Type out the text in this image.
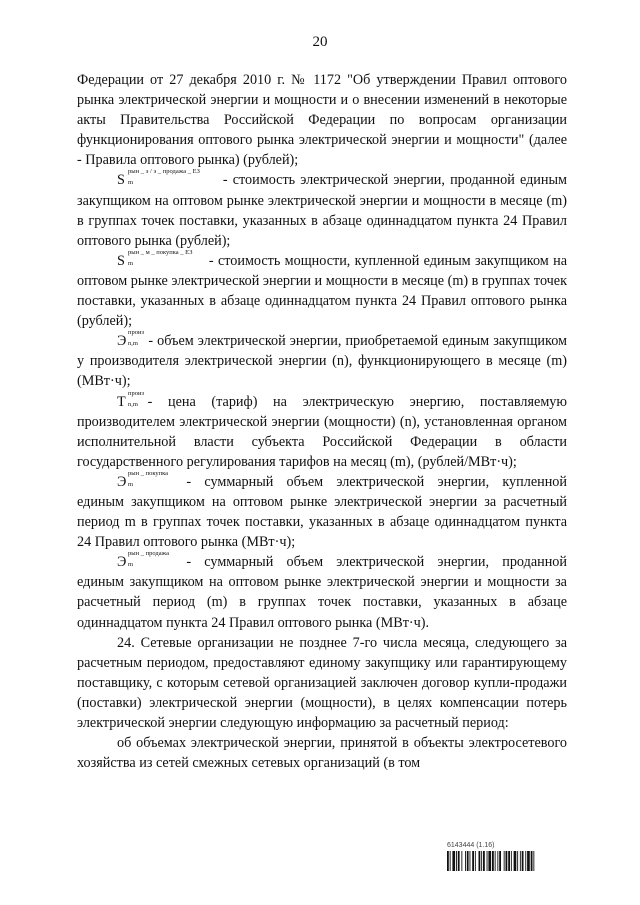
20

Федерации от 27 декабря 2010 г. № 1172 "Об утверждении Правил оптового рынка электрической энергии и мощности и о внесении изменений в некоторые акты Правительства Российской Федерации по вопросам организации функционирования оптового рынка электрической энергии и мощности" (далее - Правила оптового рынка) (рублей);

S
рын _ э / э _ продажа _ ЕЗ
m	- стоимость электрической энергии, проданной единым закупщиком на оптовом рынке электрической энергии и мощности в месяце (m) в группах точек поставки, указанных в абзаце одиннадцатом пункта 24 Правил оптового рынка (рублей);

S
рын _ м _ покупка _ ЕЗ
m	- стоимость мощности, купленной единым закупщиком на оптовом рынке электрической энергии и мощности в месяце (m) в группах точек поставки, указанных в абзаце одиннадцатом пункта 24 Правил оптового рынка (рублей);

Э
произ
n,m - объем электрической энергии, приобретаемой единым закупщиком у производителя электрической энергии (n), функционирующего в месяце (m) (МВт·ч);

T
произ
n,m - цена (тариф) на электрическую энергию, поставляемую производителем электрической энергии (мощности) (n), установленная органом исполнительной власти субъекта Российской Федерации в области государственного регулирования тарифов на месяц (m), (рублей/МВт·ч);

Э
рын _ покупка
m	- суммарный объем электрической энергии, купленной единым закупщиком на оптовом рынке электрической энергии за расчетный период m в группах точек поставки, указанных в абзаце одиннадцатом пункта 24 Правил оптового рынка (МВт·ч);

Э
рын _ продажа
m	- суммарный объем электрической энергии, проданной единым закупщиком на оптовом рынке электрической энергии и мощности за расчетный период (m) в группах точек поставки, указанных в абзаце одиннадцатом пункта 24 Правил оптового рынка (МВт·ч).

24. Сетевые организации не позднее 7-го числа месяца, следующего за расчетным периодом, предоставляют единому закупщику или гарантирующему поставщику, с которым сетевой организацией заключен договор купли-продажи (поставки) электрической энергии (мощности), в целях компенсации потерь электрической энергии следующую информацию за расчетный период:

об объемах электрической энергии, принятой в объекты электросетевого хозяйства из сетей смежных сетевых организаций (в том

6143444 (1.16)
